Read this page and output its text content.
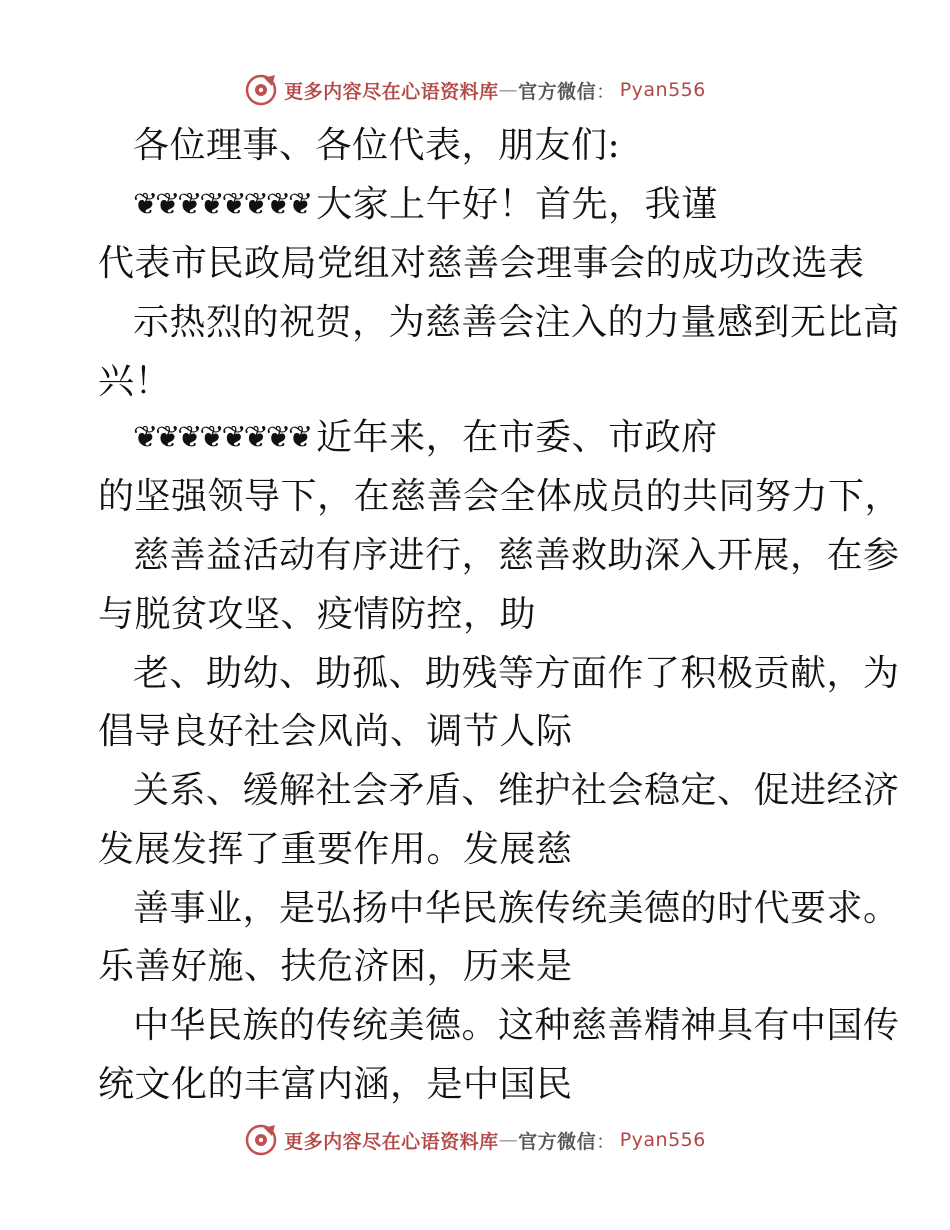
更多内容尽在心语资料库 — 官方微信 ： Pyan556
各位理事、各位代表，朋友们:
❦❦❦❦❦❦❦❦ 大家上午好！首先，我谨
代表市民政局党组对慈善会理事会的成功改选表
示热烈的祝贺，为慈善会注入的力量感到无比高
兴！
❦❦❦❦❦❦❦❦ 近年来，在市委、市政府
的坚强领导下，在慈善会全体成员的共同努力下，
慈善益活动有序进行，慈善救助深入开展，在参
与脱贫攻坚、疫情防控，助
老、助幼、助孤、助残等方面作了积极贡献，为
倡导良好社会风尚、调节人际
关系、缓解社会矛盾、维护社会稳定、促进经济
发展发挥了重要作用。发展慈
善事业，是弘扬中华民族传统美德的时代要求。
乐善好施、扶危济困，历来是
中华民族的传统美德。这种慈善精神具有中国传
统文化的丰富内涵，是中国民
更多内容尽在心语资料库 — 官方微信 ： Pyan556
